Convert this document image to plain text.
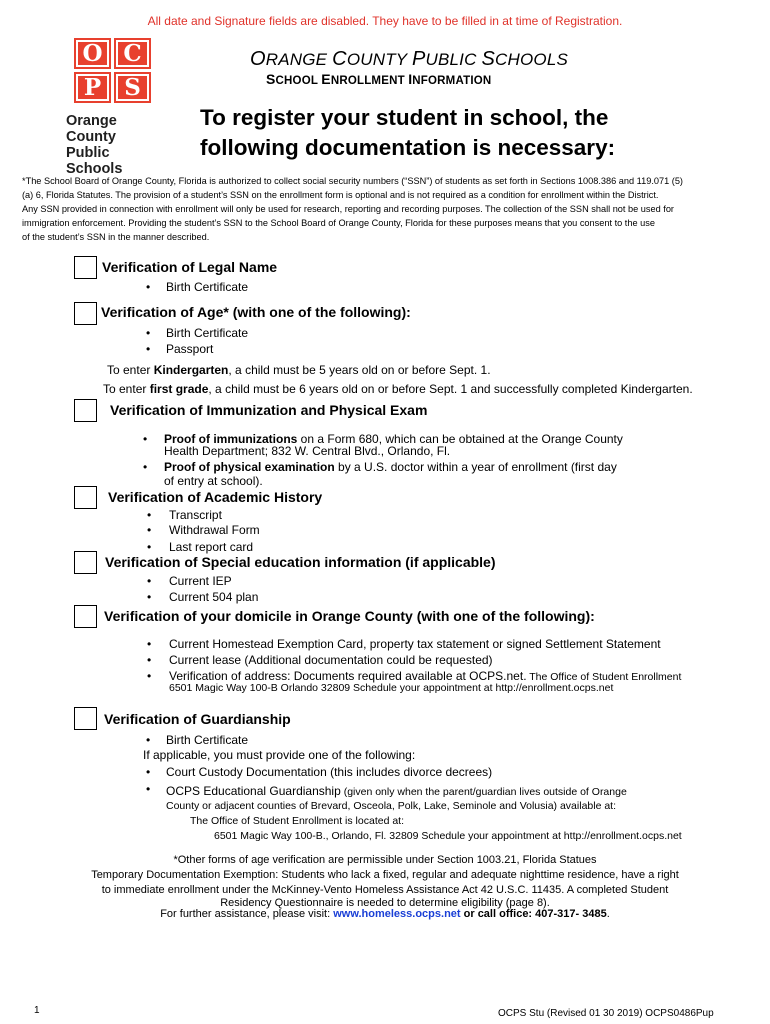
All date and Signature fields are disabled. They have to be filled in at time of Registration.
O C
P	S
Orange County
Public Schools
ORANGE COUNTY PUBLIC SCHOOLS
SCHOOL ENROLLMENT INFORMATION
To register your student in school, the
following documentation is necessary:
*The School Board of Orange County, Florida is authorized to collect social security numbers (“SSN”) of students as set forth in Sections 1008.386 and 119.071 (5)
(a) 6, Florida Statutes. The provision of a student’s SSN on the enrollment form is optional and is not required as a condition for enrollment within the District.
Any SSN provided in connection with enrollment will only be used for research, reporting and recording purposes. The collection of the SSN shall not be used for
immigration enforcement. Providing the student’s SSN to the School Board of Orange County, Florida for these purposes means that you consent to the use
of the student’s SSN in the manner described.
Verification of Legal Name
• Birth Certificate
Verification of Age* (with one of the following):
• Birth Certificate
• Passport
To enter Kindergarten, a child must be 5 years old on or before Sept. 1.
To enter first grade, a child must be 6 years old on or before Sept. 1 and successfully completed Kindergarten.
Verification of Immunization and Physical Exam
• Proof of immunizations on a Form 680, which can be obtained at the Orange County
Health Department; 832 W. Central Blvd., Orlando, Fl.
• Proof of physical examination by a U.S. doctor within a year of enrollment (first day
of entry at school).
Verification of Academic History
• Transcript
• Withdrawal Form
• Last report card
Verification of Special education information (if applicable)
• Current IEP
• Current 504 plan
Verification of your domicile in Orange County (with one of the following):
• Current Homestead Exemption Card, property tax statement or signed Settlement Statement
• Current lease (Additional documentation could be requested)
• Verification of address: Documents required available at OCPS.net. The Office of Student Enrollment
6501 Magic Way 100-B Orlando 32809 Schedule your appointment at http://enrollment.ocps.net
Verification of Guardianship
• Birth Certificate
If applicable, you must provide one of the following:
• Court Custody Documentation (this includes divorce decrees)
• OCPS Educational Guardianship (given only when the parent/guardian lives outside of Orange
County or adjacent counties of Brevard, Osceola, Polk, Lake, Seminole and Volusia) available at:
The Office of Student Enrollment is located at:
6501 Magic Way 100-B., Orlando, Fl. 32809 Schedule your appointment at http://enrollment.ocps.net
*Other forms of age verification are permissible under Section 1003.21, Florida Statues
Temporary Documentation Exemption: Students who lack a fixed, regular and adequate nighttime residence, have a right
to immediate enrollment under the McKinney-Vento Homeless Assistance Act 42 U.S.C. 11435. A completed Student
Residency Questionnaire is needed to determine eligibility (page 8).
For further assistance, please visit: www.homeless.ocps.net or call office: 407-317- 3485.
1	OCPS Stu (Revised 01 30 2019) OCPS0486Pup
